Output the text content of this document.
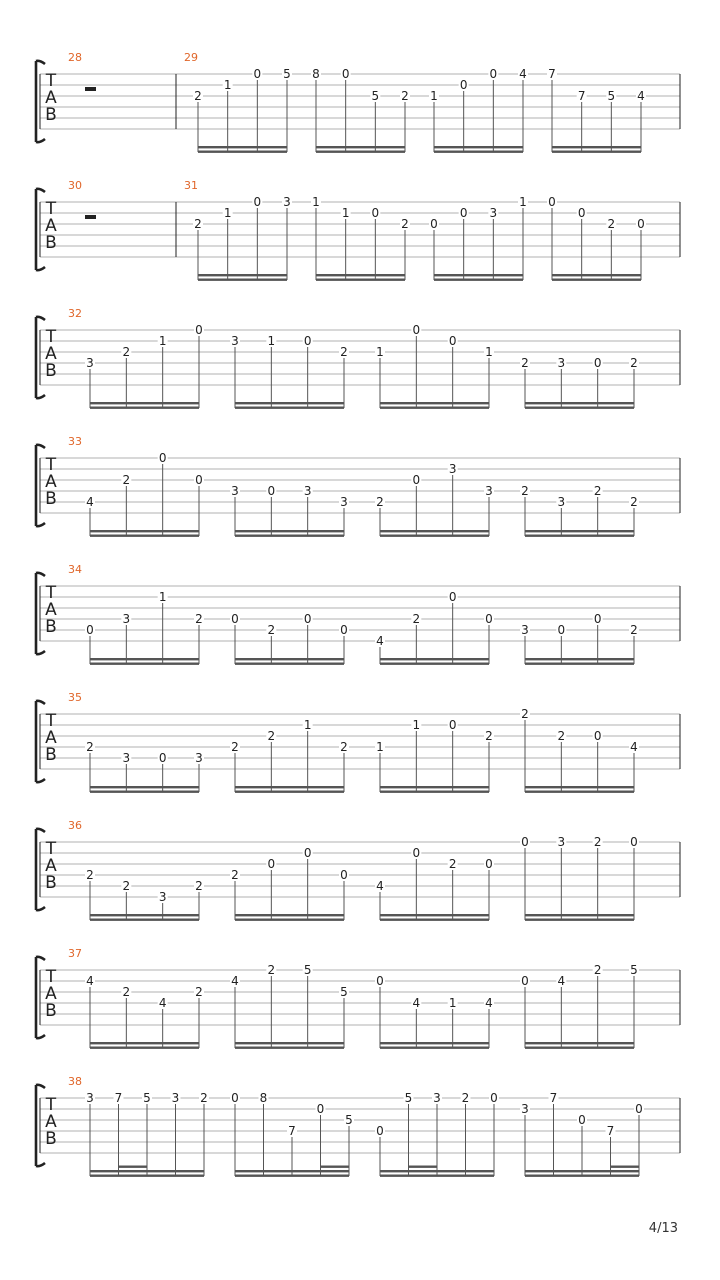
T
A
B
28	29
2
1
0 5 8 0
5 2 1
0
0 4 7
7 5 4
T
A
B
30	31
2
1
0 3 1
1 0
2 0
0 3
1 0
0
2 0
T
A
B
32
3
2
1
0
3 1 0
2 1
0
0
1
2 3 0 2
T
A
B
33
4
2
0
0
3 0 3
3 2
0
3
3 2
3
2
2
T
A
B
34
0
3
1
2 0
2
0
0
4
2
0
0
3 0
0
2
T
A
B
35
2
3 0 3
2
2
1
2 1
1 0
2
2
2 0
4
T
A
B
36
2
2
3
2
2
0
0
0
4
0
2 0
0 3 2 0
T
A
B
37
4
2
4
2
4
2 5
5
0
4 1 4
0 4
2 5
T
A
B
38
3 7 5 3 2 0 8
7
0
5
0
5 3 2 0
3
7
0
7
0
4/13
